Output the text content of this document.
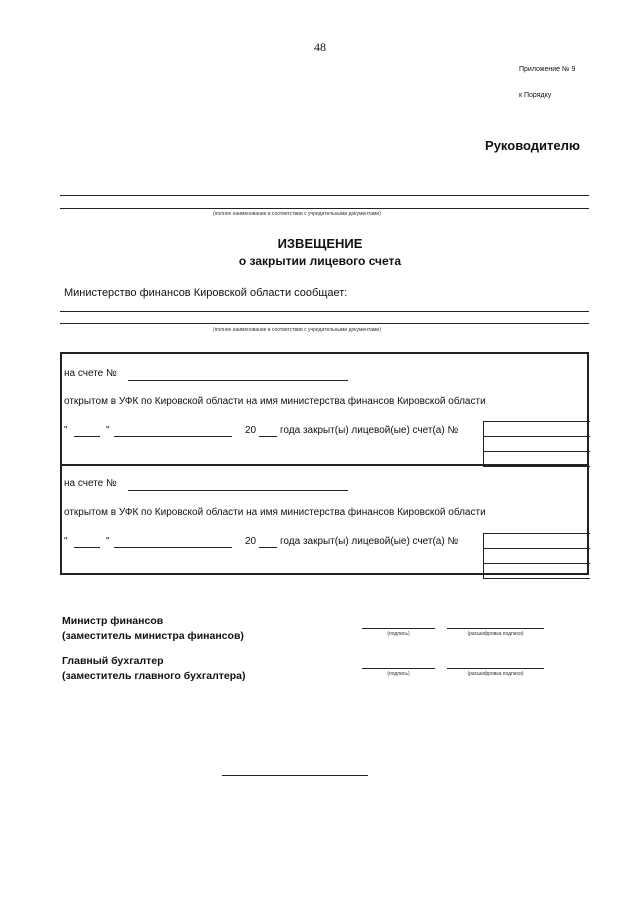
48
Приложение № 9
к Порядку
Руководителю
(полное наименование в соответствии с учредительными документами)
ИЗВЕЩЕНИЕ
о закрытии лицевого счета
Министерство финансов Кировской области сообщает:
(полное наименование в соответствии с учредительными документами)
на счете №
открытом в УФК по Кировской области на имя министерства финансов Кировской области
"	"	20 года закрыт(ы) лицевой(ые) счет(а) №
на счете №
открытом в УФК по Кировской области на имя министерства финансов Кировской области
"	"	20 года закрыт(ы) лицевой(ые) счет(а) №
Министр финансов
(заместитель министра финансов)	(подпись)	(расшифровка подписи)
Главный бухгалтер
(заместитель главного бухгалтера)	(подпись)	(расшифровка подписи)
